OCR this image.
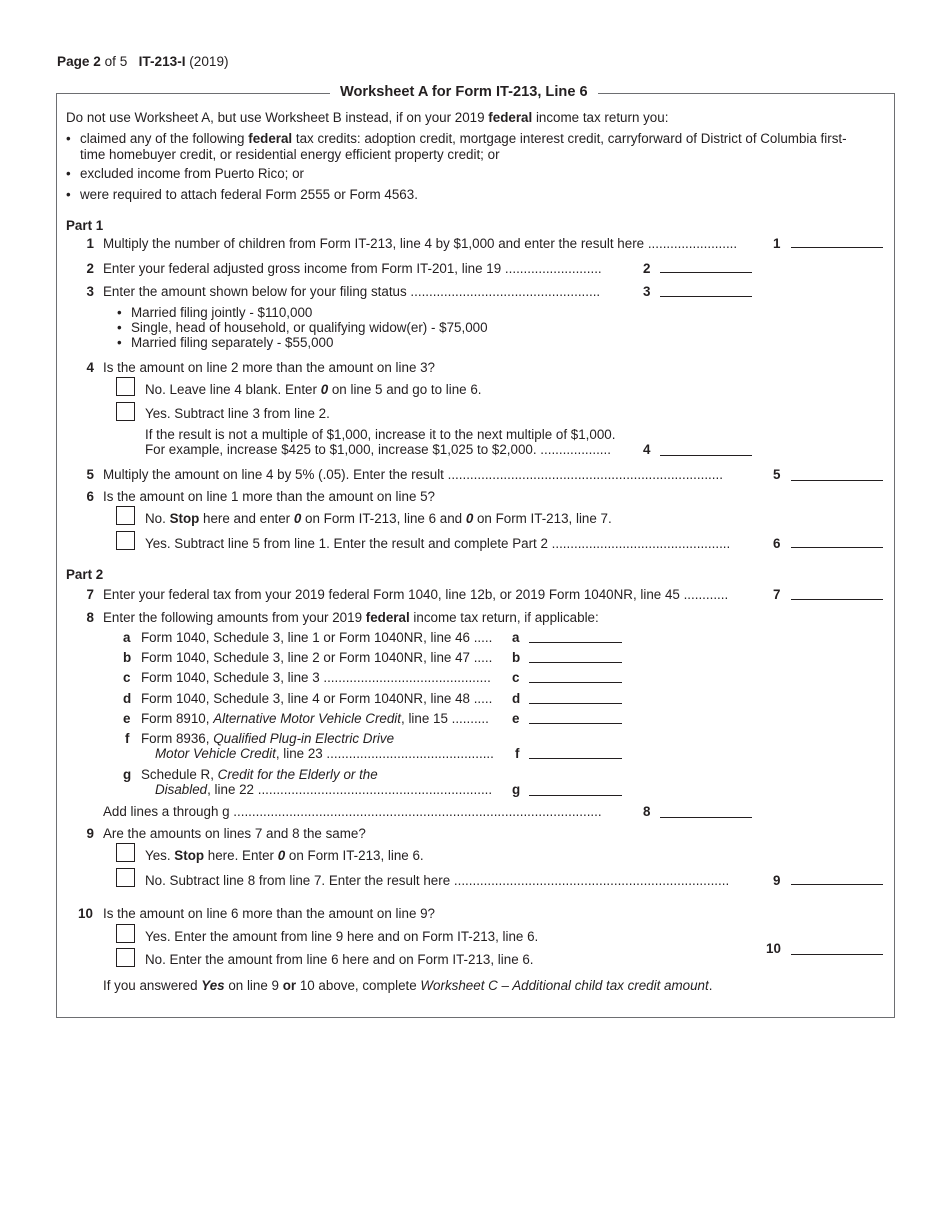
Page 2 of 5 IT-213-I (2019)
Worksheet A for Form IT-213, Line 6
Do not use Worksheet A, but use Worksheet B instead, if on your 2019 federal income tax return you:
• claimed any of the following federal tax credits: adoption credit, mortgage interest credit, carryforward of District of Columbia first-
time homebuyer credit, or residential energy efficient property credit; or
• excluded income from Puerto Rico; or
• were required to attach federal Form 2555 or Form 4563.
Part 1
1 Multiply the number of children from Form IT-213, line 4 by $1,000 and enter the result here ........................	1
2 Enter your federal adjusted gross income from Form IT-201, line 19 ..........................	2
3 Enter the amount shown below for your filing status ...................................................	3
• Married filing jointly - $110,000
• Single, head of household, or qualifying widow(er) - $75,000
• Married filing separately - $55,000
4 Is the amount on line 2 more than the amount on line 3?
No. Leave line 4 blank. Enter 0 on line 5 and go to line 6.
Yes. Subtract line 3 from line 2.
If the result is not a multiple of $1,000, increase it to the next multiple of $1,000.
For example, increase $425 to $1,000, increase $1,025 to $2,000. ................... 4
5 Multiply the amount on line 4 by 5% (.05). Enter the result ..........................................................................	5
6 Is the amount on line 1 more than the amount on line 5?
No. Stop here and enter 0 on Form IT-213, line 6 and 0 on Form IT-213, line 7.
Yes. Subtract line 5 from line 1. Enter the result and complete Part 2 ................................................	6
Part 2
7 Enter your federal tax from your 2019 federal Form 1040, line 12b, or 2019 Form 1040NR, line 45 ............	7
8 Enter the following amounts from your 2019 federal income tax return, if applicable:
a Form 1040, Schedule 3, line 1 or Form 1040NR, line 46 ..... a
b Form 1040, Schedule 3, line 2 or Form 1040NR, line 47 ..... b
c Form 1040, Schedule 3, line 3 ............................................. c
d Form 1040, Schedule 3, line 4 or Form 1040NR, line 48 ..... d
e Form 8910, Alternative Motor Vehicle Credit, line 15 .......... e
f Form 8936, Qualified Plug-in Electric Drive
Motor Vehicle Credit, line 23 ............................................. f
g Schedule R, Credit for the Elderly or the
Disabled, line 22 ............................................................... g
Add lines a through g ...................................................................................................	8
9 Are the amounts on lines 7 and 8 the same?
Yes. Stop here. Enter 0 on Form IT-213, line 6.
No. Subtract line 8 from line 7. Enter the result here ..........................................................................	9
10 Is the amount on line 6 more than the amount on line 9?
Yes. Enter the amount from line 9 here and on Form IT-213, line 6.
No. Enter the amount from line 6 here and on Form IT-213, line 6.
10
If you answered Yes on line 9 or 10 above, complete Worksheet C – Additional child tax credit amount.
